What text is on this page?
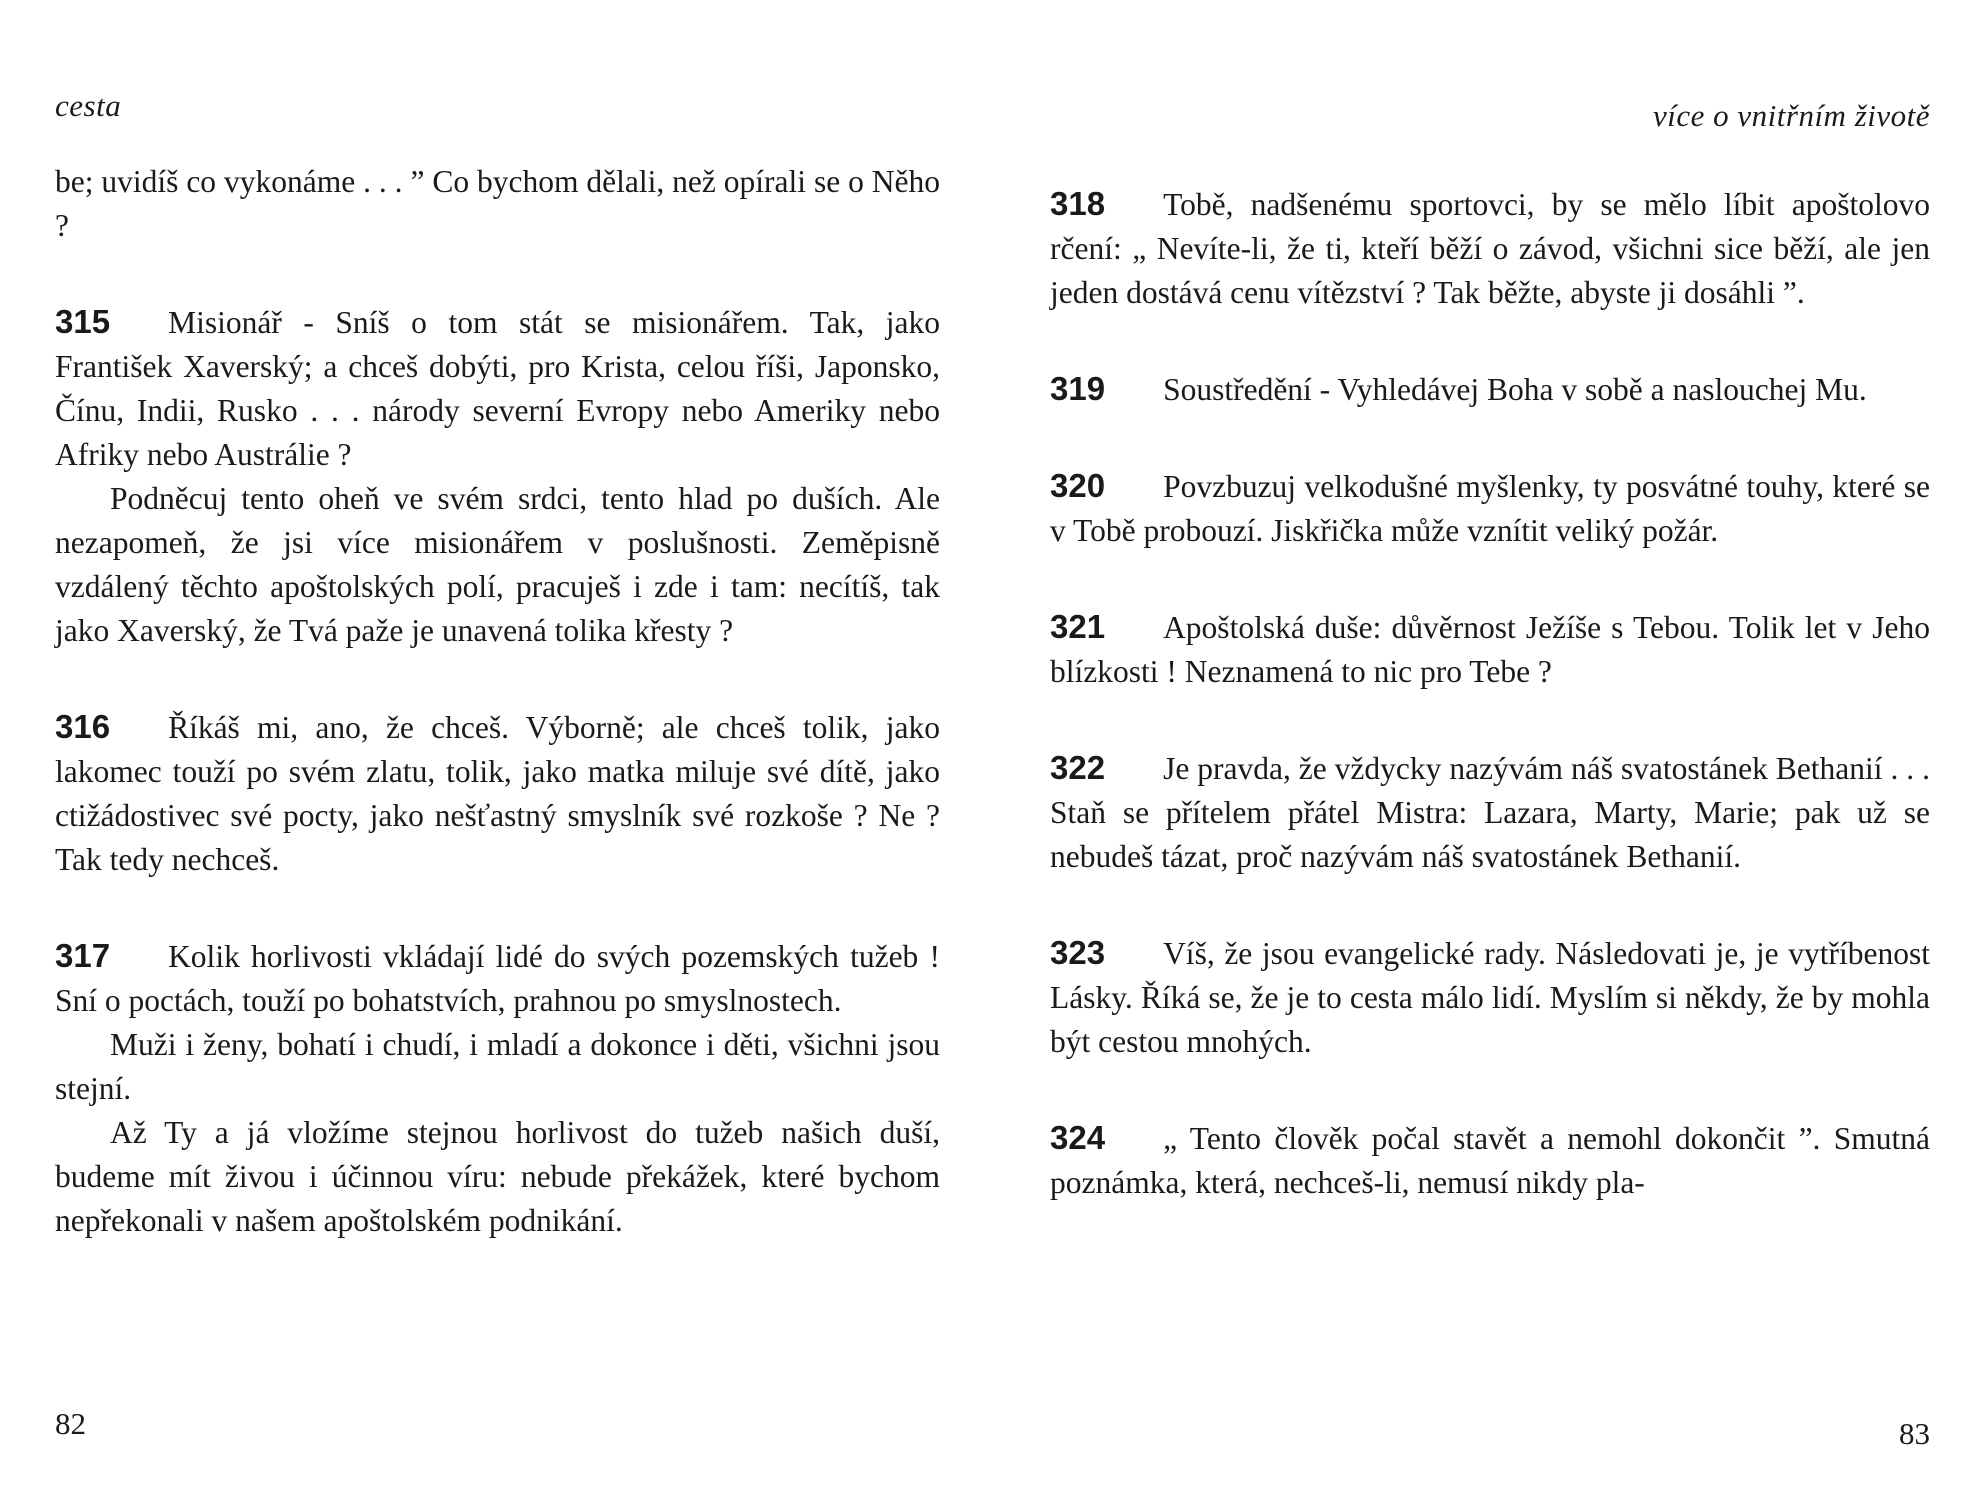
cesta

be; uvidíš co vykonáme . . . ” Co bychom dělali, než opírali se o Něho ?

315 Misionář - Sníš o tom stát se misionářem. Tak, jako František Xaverský; a chceš dobýti, pro Krista, celou říši, Japonsko, Čínu, Indii, Rusko . . . národy severní Evropy nebo Ameriky nebo Afriky nebo Austrálie ?

Podněcuj tento oheň ve svém srdci, tento hlad po duších. Ale nezapomeň, že jsi více misionářem v poslušnosti. Zeměpisně vzdálený těchto apoštolských polí, pracuješ i zde i tam: necítíš, tak jako Xaverský, že Tvá paže je unavená tolika křesty ?

316 Říkáš mi, ano, že chceš. Výborně; ale chceš tolik, jako lakomec touží po svém zlatu, tolik, jako matka miluje své dítě, jako ctižádostivec své pocty, jako nešťastný smyslník své rozkoše ? Ne ? Tak tedy nechceš.

317 Kolik horlivosti vkládají lidé do svých pozemských tužeb ! Sní o poctách, touží po bohatstvích, prahnou po smyslnostech.

Muži i ženy, bohatí i chudí, i mladí a dokonce i děti, všichni jsou stejní.

Až Ty a já vložíme stejnou horlivost do tužeb našich duší, budeme mít živou i účinnou víru: nebude překážek, které bychom nepřekonali v našem apoštolském podnikání.

82
více o vnitřním životě

318 Tobě, nadšenému sportovci, by se mělo líbit apoštolovo rčení: „ Nevíte-li, že ti, kteří běží o závod, všichni sice běží, ale jen jeden dostává cenu vítězství ? Tak běžte, abyste ji dosáhli ”.

319 Soustředění - Vyhledávej Boha v sobě a naslouchej Mu.

320 Povzbuzuj velkodušné myšlenky, ty posvátné touhy, které se v Tobě probouzí. Jiskřička může vznítit veliký požár.

321 Apoštolská duše: důvěrnost Ježíše s Tebou. Tolik let v Jeho blízkosti ! Neznamená to nic pro Tebe ?

322 Je pravda, že vždycky nazývám náš svatostánek Bethanií . . . Staň se přítelem přátel Mistra: Lazara, Marty, Marie; pak už se nebudeš tázat, proč nazývám náš svatostánek Bethanií.

323 Víš, že jsou evangelické rady. Následovati je, je vytříbenost Lásky. Říká se, že je to cesta málo lidí. Myslím si někdy, že by mohla být cestou mnohých.

324 „ Tento člověk počal stavět a nemohl dokončit ”. Smutná poznámka, která, nechceš-li, nemusí nikdy pla-

83
